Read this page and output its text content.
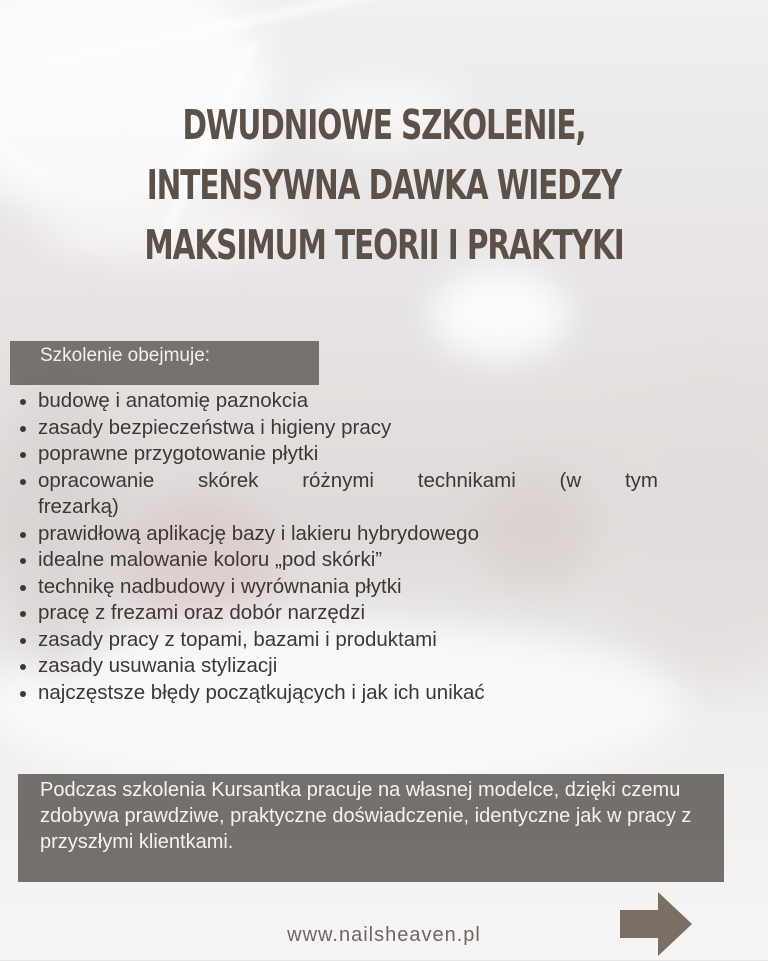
DWUDNIOWE SZKOLENIE,
INTENSYWNA DAWKA WIEDZY
MAKSIMUM TEORII I PRAKTYKI
Szkolenie obejmuje:
budowę i anatomię paznokcia
zasady bezpieczeństwa i higieny pracy
poprawne przygotowanie płytki
opracowanie skórek różnymi technikami (w tym
frezarką)
prawidłową aplikację bazy i lakieru hybrydowego
idealne malowanie koloru „pod skórki”
technikę nadbudowy i wyrównania płytki
pracę z frezami oraz dobór narzędzi
zasady pracy z topami, bazami i produktami
zasady usuwania stylizacji
najczęstsze błędy początkujących i jak ich unikać
Podczas szkolenia Kursantka pracuje na własnej modelce, dzięki czemu zdobywa prawdziwe, praktyczne doświadczenie, identyczne jak w pracy z przyszłymi klientkami.
www.nailsheaven.pl
